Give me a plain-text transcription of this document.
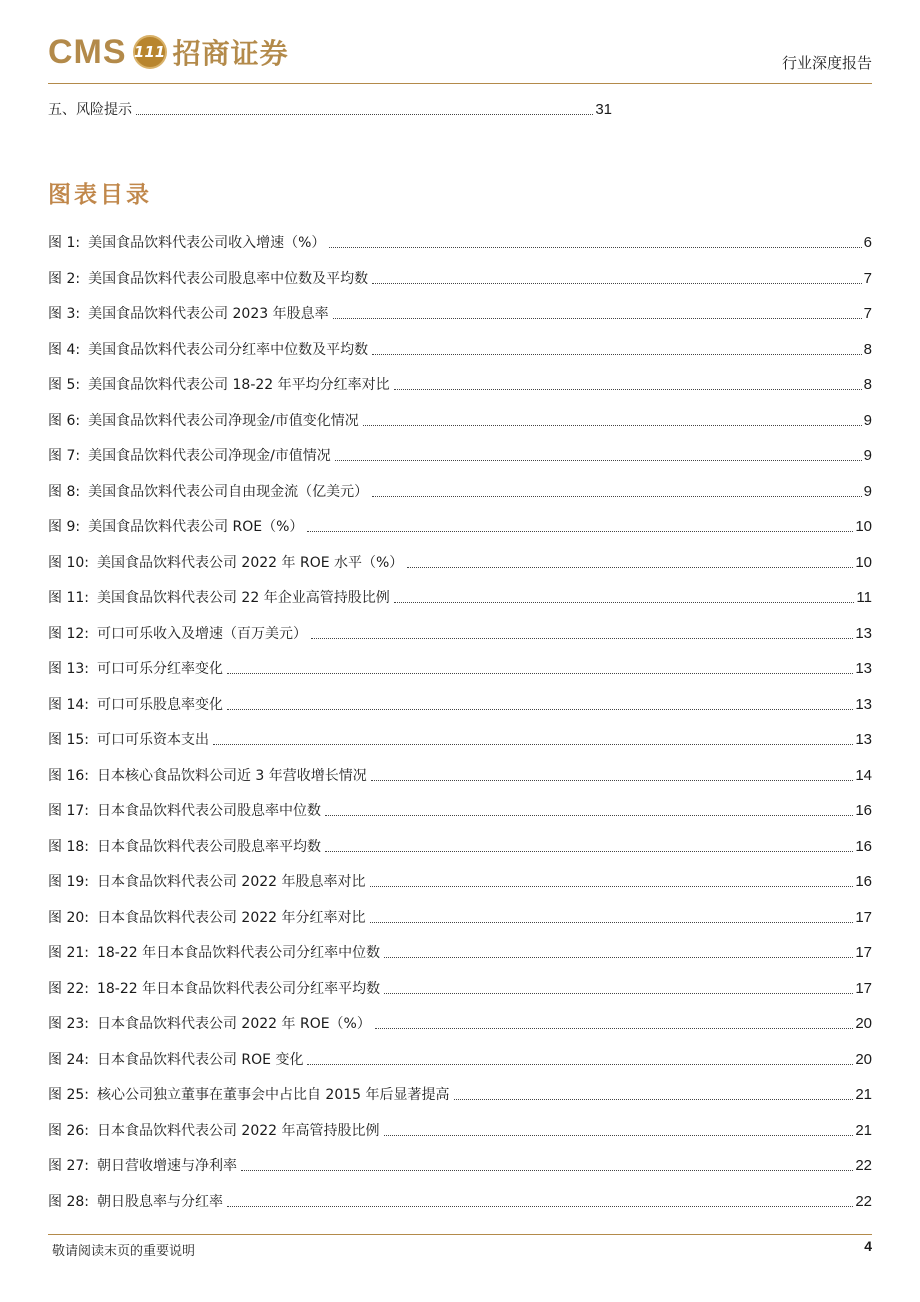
CMS 111 招商证券	行业深度报告
五、风险提示	31
图表目录
图 1: 美国食品饮料代表公司收入增速（%）	6
图 2: 美国食品饮料代表公司股息率中位数及平均数	7
图 3: 美国食品饮料代表公司 2023 年股息率	7
图 4: 美国食品饮料代表公司分红率中位数及平均数	8
图 5: 美国食品饮料代表公司 18-22 年平均分红率对比	8
图 6: 美国食品饮料代表公司净现金/市值变化情况	9
图 7: 美国食品饮料代表公司净现金/市值情况	9
图 8: 美国食品饮料代表公司自由现金流（亿美元）	9
图 9: 美国食品饮料代表公司 ROE（%）	10
图 10: 美国食品饮料代表公司 2022 年 ROE 水平（%）	10
图 11: 美国食品饮料代表公司 22 年企业高管持股比例	11
图 12: 可口可乐收入及增速（百万美元）	13
图 13: 可口可乐分红率变化	13
图 14: 可口可乐股息率变化	13
图 15: 可口可乐资本支出	13
图 16: 日本核心食品饮料公司近 3 年营收增长情况	14
图 17: 日本食品饮料代表公司股息率中位数	16
图 18: 日本食品饮料代表公司股息率平均数	16
图 19: 日本食品饮料代表公司 2022 年股息率对比	16
图 20: 日本食品饮料代表公司 2022 年分红率对比	17
图 21: 18-22 年日本食品饮料代表公司分红率中位数	17
图 22: 18-22 年日本食品饮料代表公司分红率平均数	17
图 23: 日本食品饮料代表公司 2022 年 ROE（%）	20
图 24: 日本食品饮料代表公司 ROE 变化	20
图 25: 核心公司独立董事在董事会中占比自 2015 年后显著提高	21
图 26: 日本食品饮料代表公司 2022 年高管持股比例	21
图 27: 朝日营收增速与净利率	22
图 28: 朝日股息率与分红率	22
敬请阅读末页的重要说明	4
